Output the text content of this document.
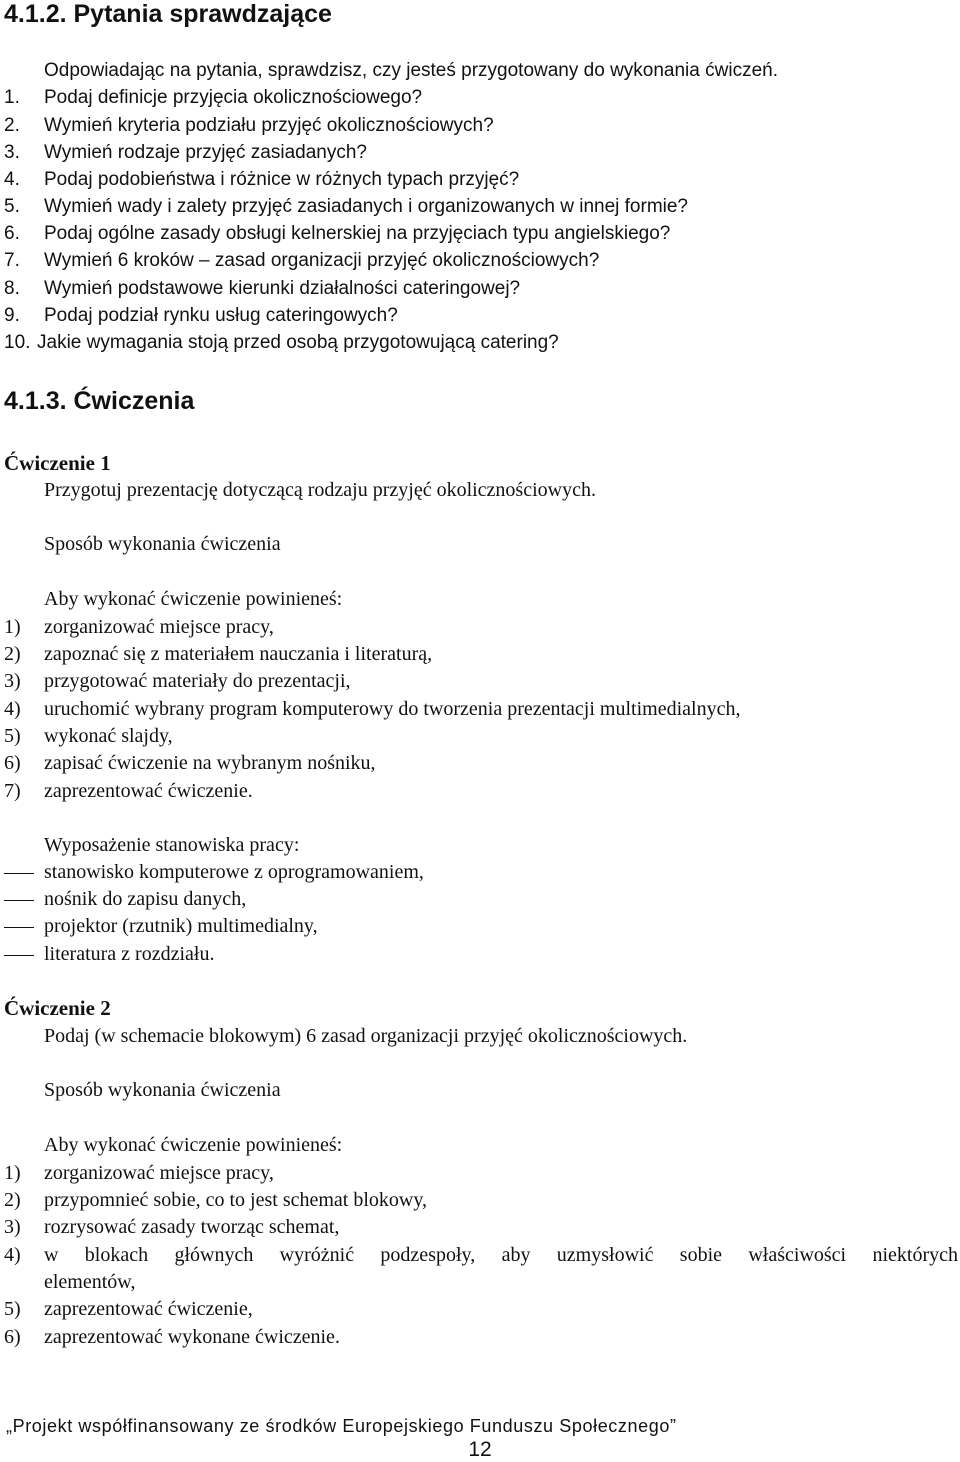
4.1.2. Pytania sprawdzające
Odpowiadając na pytania, sprawdzisz, czy jesteś przygotowany do wykonania ćwiczeń.
1. Podaj definicje przyjęcia okolicznościowego?
2. Wymień kryteria podziału przyjęć okolicznościowych?
3. Wymień rodzaje przyjęć zasiadanych?
4. Podaj podobieństwa i różnice w różnych typach przyjęć?
5. Wymień wady i zalety przyjęć zasiadanych i organizowanych w innej formie?
6. Podaj ogólne zasady obsługi kelnerskiej na przyjęciach typu angielskiego?
7. Wymień 6 kroków – zasad organizacji przyjęć okolicznościowych?
8. Wymień podstawowe kierunki działalności cateringowej?
9. Podaj podział rynku usług cateringowych?
10. Jakie wymagania stoją przed osobą przygotowującą catering?
4.1.3. Ćwiczenia
Ćwiczenie 1
Przygotuj prezentację dotyczącą rodzaju przyjęć okolicznościowych.
Sposób wykonania ćwiczenia
Aby wykonać ćwiczenie powinieneś:
1) zorganizować miejsce pracy,
2) zapoznać się z materiałem nauczania i literaturą,
3) przygotować materiały do prezentacji,
4) uruchomić wybrany program komputerowy do tworzenia prezentacji multimedialnych,
5) wykonać slajdy,
6) zapisać ćwiczenie na wybranym nośniku,
7) zaprezentować ćwiczenie.
Wyposażenie stanowiska pracy:
stanowisko komputerowe z oprogramowaniem,
nośnik do zapisu danych,
projektor (rzutnik) multimedialny,
literatura z rozdziału.
Ćwiczenie 2
Podaj (w schemacie blokowym) 6 zasad organizacji przyjęć okolicznościowych.
Sposób wykonania ćwiczenia
Aby wykonać ćwiczenie powinieneś:
1) zorganizować miejsce pracy,
2) przypomnieć sobie, co to jest schemat blokowy,
3) rozrysować zasady tworząc schemat,
4) w blokach głównych wyróżnić podzespoły, aby uzmysłowić sobie właściwości niektórych
elementów,
5) zaprezentować ćwiczenie,
6) zaprezentować wykonane ćwiczenie.
„Projekt współfinansowany ze środków Europejskiego Funduszu Społecznego”
12
